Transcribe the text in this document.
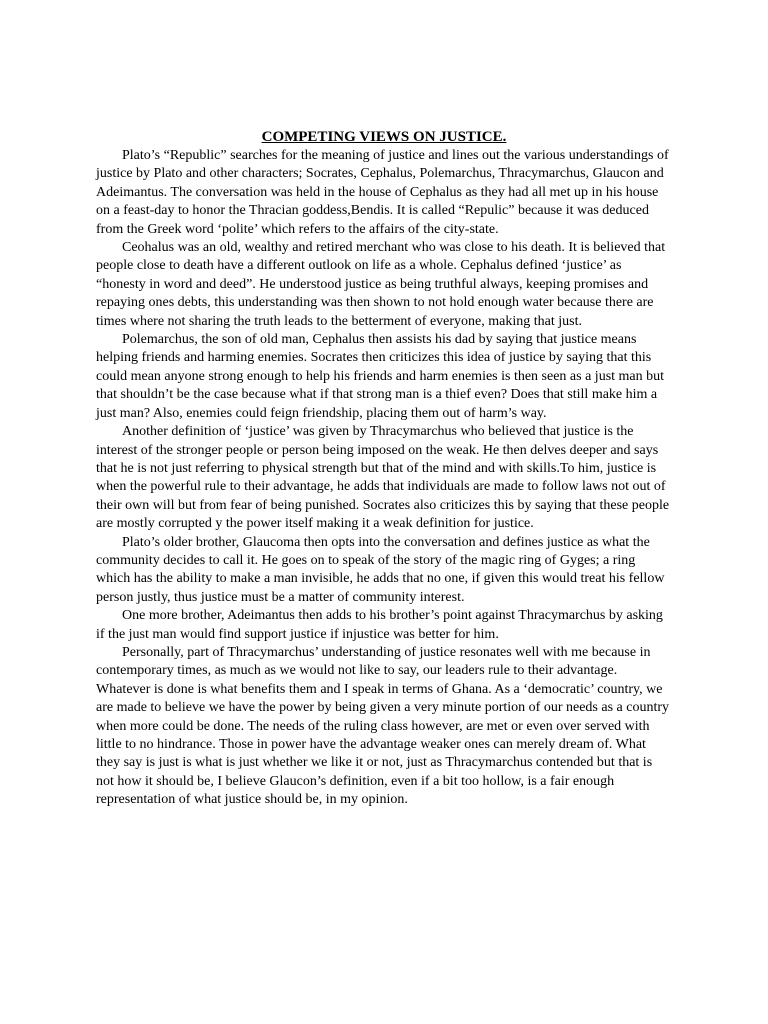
COMPETING VIEWS ON JUSTICE.

Plato’s “Republic” searches for the meaning of justice and lines out the various understandings of justice by Plato and other characters; Socrates, Cephalus, Polemarchus, Thracymarchus, Glaucon and Adeimantus. The conversation was held in the house of Cephalus as they had all met up in his house on a feast-day to honor the Thracian goddess,Bendis. It is called “Repulic” because it was deduced from the Greek word ‘polite’ which refers to the affairs of the city-state.

Ceohalus was an old, wealthy and retired merchant who was close to his death. It is believed that people close to death have a different outlook on life as a whole. Cephalus defined ‘justice’ as “honesty in word and deed”. He understood justice as being truthful always, keeping promises and repaying ones debts, this understanding was then shown to not hold enough water because there are times where not sharing the truth leads to the betterment of everyone, making that just.

Polemarchus, the son of old man, Cephalus then assists his dad by saying that justice means helping friends and harming enemies. Socrates then criticizes this idea of justice by saying that this could mean anyone strong enough to help his friends and harm enemies is then seen as a just man but that shouldn’t be the case because what if that strong man is a thief even? Does that still make him a just man? Also, enemies could feign friendship, placing them out of harm’s way.

Another definition of ‘justice’ was given by Thracymarchus who believed that justice is the interest of the stronger people or person being imposed on the weak. He then delves deeper and says that he is not just referring to physical strength but that of the mind and with skills.To him, justice is when the powerful rule to their advantage, he adds that individuals are made to follow laws not out of their own will but from fear of being punished. Socrates also criticizes this by saying that these people are mostly corrupted y the power itself making it a weak definition for justice.

Plato’s older brother, Glaucoma then opts into the conversation and defines justice as what the community decides to call it. He goes on to speak of the story of the magic ring of Gyges; a ring which has the ability to make a man invisible, he adds that no one, if given this would treat his fellow person justly, thus justice must be a matter of community interest.

One more brother, Adeimantus then adds to his brother’s point against Thracymarchus by asking if the just man would find support justice if injustice was better for him.

Personally, part of Thracymarchus’ understanding of justice resonates well with me because in contemporary times, as much as we would not like to say, our leaders rule to their advantage. Whatever is done is what benefits them and I speak in terms of Ghana. As a ‘democratic’ country, we are made to believe we have the power by being given a very minute portion of our needs as a country when more could be done. The needs of the ruling class however, are met or even over served with little to no hindrance. Those in power have the advantage weaker ones can merely dream of. What they say is just is what is just whether we like it or not, just as Thracymarchus contended but that is not how it should be, I believe Glaucon’s definition, even if a bit too hollow, is a fair enough representation of what justice should be, in my opinion.
